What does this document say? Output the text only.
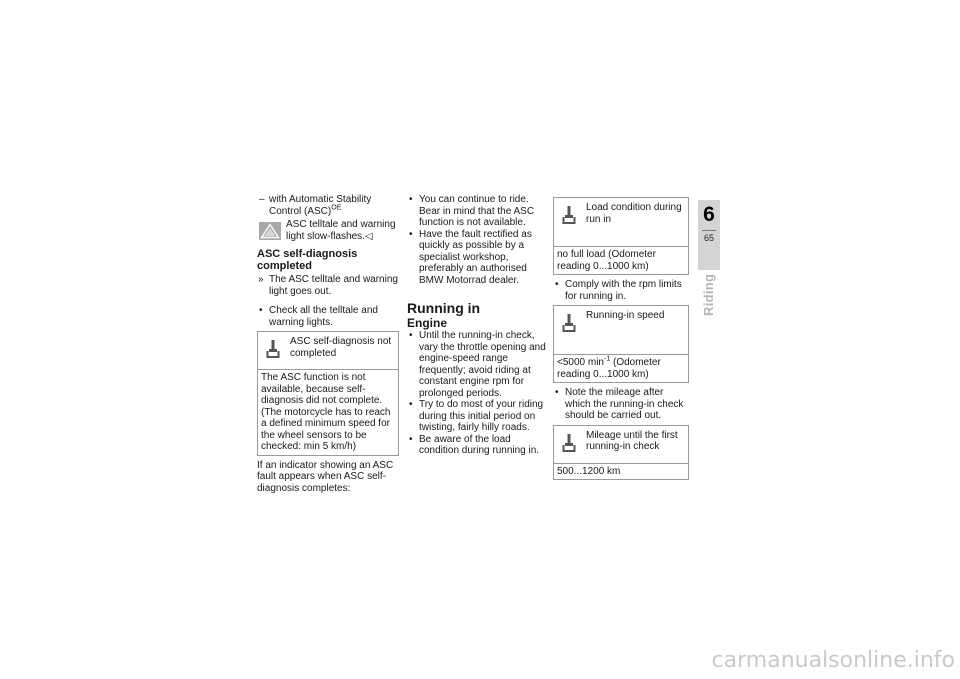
– with Automatic Stability Control (ASC)$^{OE}$

ASC telltale and warning light slow-flashes.◁

ASC self-diagnosis completed

» The ASC telltale and warning light goes out.

• Check all the telltale and warning lights.

ASC self-diagnosis not completed

The ASC function is not available, because self-diagnosis did not complete. (The motorcycle has to reach a defined minimum speed for the wheel sensors to be checked: min 5 km/h)

If an indicator showing an ASC fault appears when ASC self-diagnosis completes:

• You can continue to ride. Bear in mind that the ASC function is not available.

• Have the fault rectified as quickly as possible by a specialist workshop, preferably an authorised BMW Motorrad dealer.

Running in

Engine

• Until the running-in check, vary the throttle opening and engine-speed range frequently; avoid riding at constant engine rpm for prolonged periods.

• Try to do most of your riding during this initial period on twisting, fairly hilly roads.

• Be aware of the load condition during running in.

Load condition during run in

no full load (Odometer reading 0...1000 km)

• Comply with the rpm limits for running in.

Running-in speed

<5000 $\min^{-1}$ (Odometer reading 0...1000 km)

• Note the mileage after which the running-in check should be carried out.

Mileage until the first running-in check

500...1200 km

6
65
Riding
carmanualsonline.info
